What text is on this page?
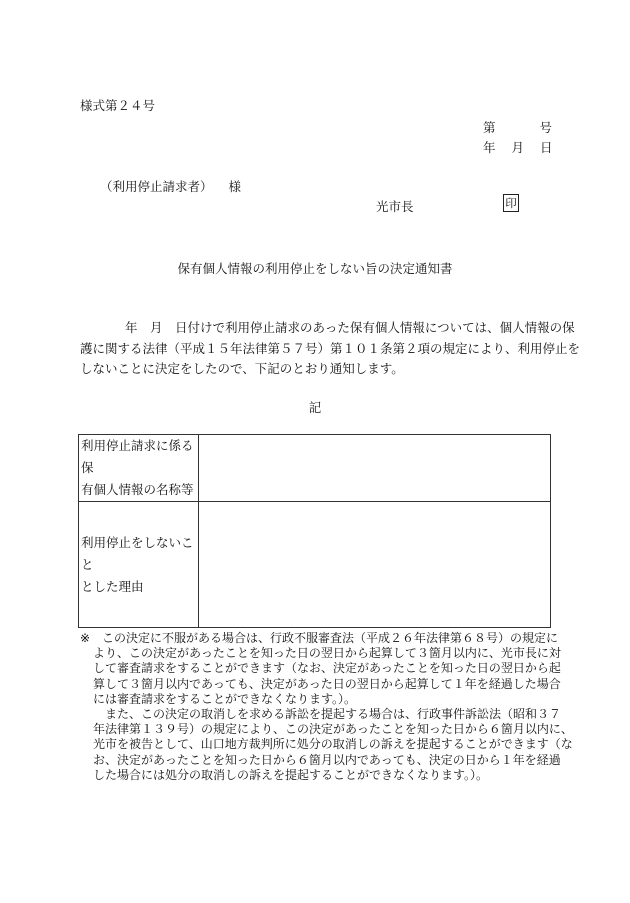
様式第２４号
第	号
年 月 日
（利用停止請求者） 様
光市長	印
保有個人情報の利用停止をしない旨の決定通知書
年　月　日付けで利用停止請求のあった保有個人情報については、個人情報の保
護に関する法律（平成１５年法律第５７号）第１０１条第２項の規定により、利用停止を
しないことに決定をしたので、下記のとおり通知します。
記
利用停止請求に係る保
有個人情報の名称等	
利用停止をしないこと
とした理由	
※ この決定に不服がある場合は、行政不服審査法（平成２６年法律第６８号）の規定に
より、この決定があったことを知った日の翌日から起算して３箇月以内に、光市長に対
して審査請求をすることができます（なお、決定があったことを知った日の翌日から起
算して３箇月以内であっても、決定があった日の翌日から起算して１年を経過した場合
には審査請求をすることができなくなります。）。
また、この決定の取消しを求める訴訟を提起する場合は、行政事件訴訟法（昭和３７
年法律第１３９号）の規定により、この決定があったことを知った日から６箇月以内に、
光市を被告として、山口地方裁判所に処分の取消しの訴えを提起することができます（な
お、決定があったことを知った日から６箇月以内であっても、決定の日から１年を経過
した場合には処分の取消しの訴えを提起することができなくなります。）。
